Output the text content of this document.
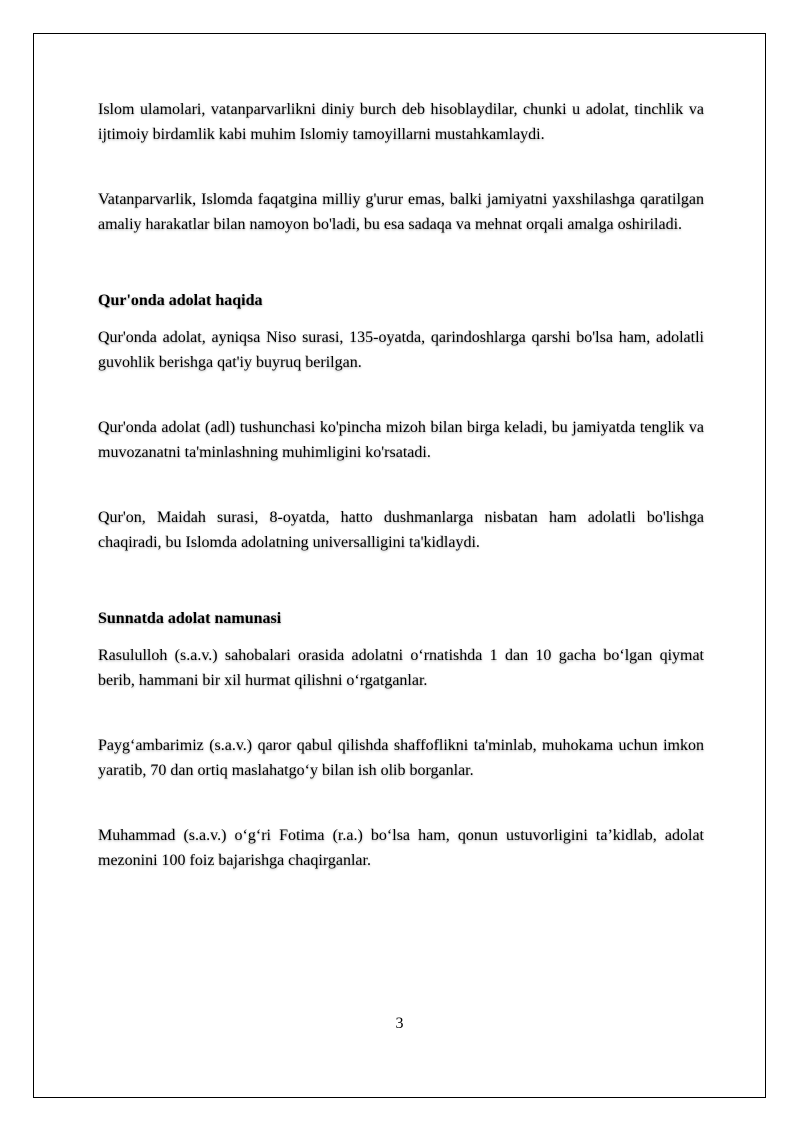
Islom ulamolari, vatanparvarlikni diniy burch deb hisoblaydilar, chunki u adolat, tinchlik va ijtimoiy birdamlik kabi muhim Islomiy tamoyillarni mustahkamlaydi.

Vatanparvarlik, Islomda faqatgina milliy g'urur emas, balki jamiyatni yaxshilashga qaratilgan amaliy harakatlar bilan namoyon bo'ladi, bu esa sadaqa va mehnat orqali amalga oshiriladi.

Qur'onda adolat haqida

Qur'onda adolat, ayniqsa Niso surasi, 135-oyatda, qarindoshlarga qarshi bo'lsa ham, adolatli guvohlik berishga qat'iy buyruq berilgan.

Qur'onda adolat (adl) tushunchasi ko'pincha mizoh bilan birga keladi, bu jamiyatda tenglik va muvozanatni ta'minlashning muhimligini ko'rsatadi.

Qur'on, Maidah surasi, 8-oyatda, hatto dushmanlarga nisbatan ham adolatli bo'lishga chaqiradi, bu Islomda adolatning universalligini ta'kidlaydi.

Sunnatda adolat namunasi

Rasululloh (s.a.v.) sahobalari orasida adolatni o‘rnatishda 1 dan 10 gacha bo‘lgan qiymat berib, hammani bir xil hurmat qilishni o‘rgatganlar.

Payg‘ambarimiz (s.a.v.) qaror qabul qilishda shaffoflikni ta'minlab, muhokama uchun imkon yaratib, 70 dan ortiq maslahatgo‘y bilan ish olib borganlar.

Muhammad (s.a.v.) o‘g‘ri Fotima (r.a.) bo‘lsa ham, qonun ustuvorligini ta’kidlab, adolat mezonini 100 foiz bajarishga chaqirganlar.

3
